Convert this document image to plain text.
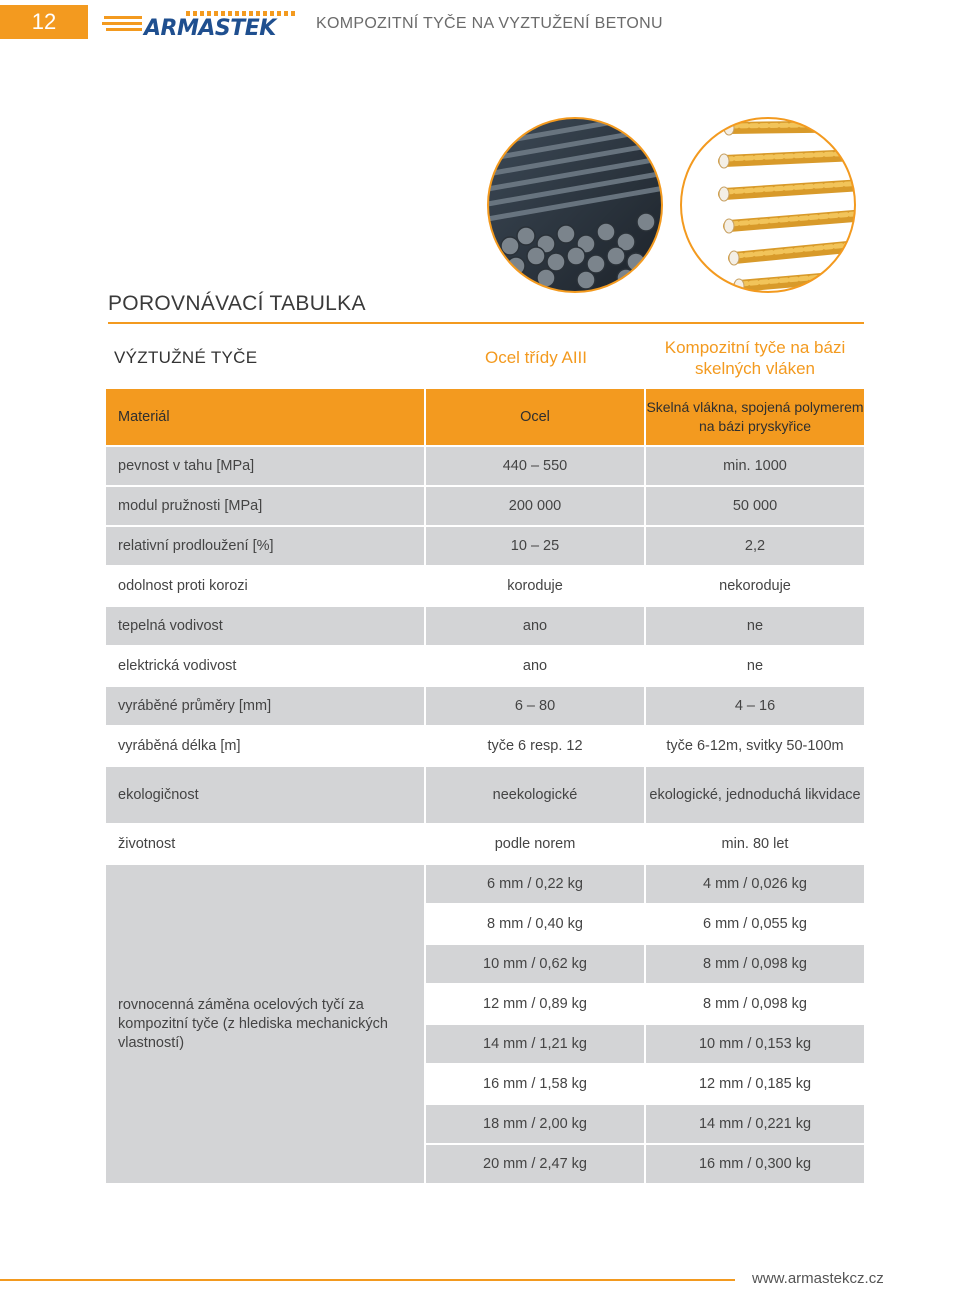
12	ARMASTEK	KOMPOZITNÍ TYČE NA VYZTUŽENÍ BETONU
POROVNÁVACÍ TABULKA
VÝZTUŽNÉ TYČE	Ocel třídy AIII
Kompozitní tyče na bázi skelných vláken
Materiál	Ocel	Skelná vlákna, spojená polymerem na bázi pryskyřice
pevnost v tahu [MPa]	440 – 550	min. 1000
modul pružnosti [MPa]	200 000	50 000
relativní prodloužení [%]	10 – 25	2,2
odolnost proti korozi	koroduje	nekoroduje
tepelná vodivost	ano	ne
elektrická vodivost	ano	ne
vyráběné průměry [mm]	6 – 80	4 – 16
vyráběná délka [m]	tyče 6 resp. 12	tyče 6-12m, svitky 50-100m
ekologičnost	neekologické	ekologické, jednoduchá likvidace
životnost	podle norem	min. 80 let
rovnocenná záměna ocelových tyčí za kompozitní tyče (z hlediska mechanických vlastností)	6 mm / 0,22 kg	4 mm / 0,026 kg
	8 mm / 0,40 kg	6 mm / 0,055 kg
	10 mm / 0,62 kg	8 mm / 0,098 kg
	12 mm / 0,89 kg	8 mm / 0,098 kg
	14 mm / 1,21 kg	10 mm / 0,153 kg
	16 mm / 1,58 kg	12 mm / 0,185 kg
	18 mm / 2,00 kg	14 mm / 0,221 kg
	20 mm / 2,47 kg	16 mm / 0,300 kg
www.armastekcz.cz
